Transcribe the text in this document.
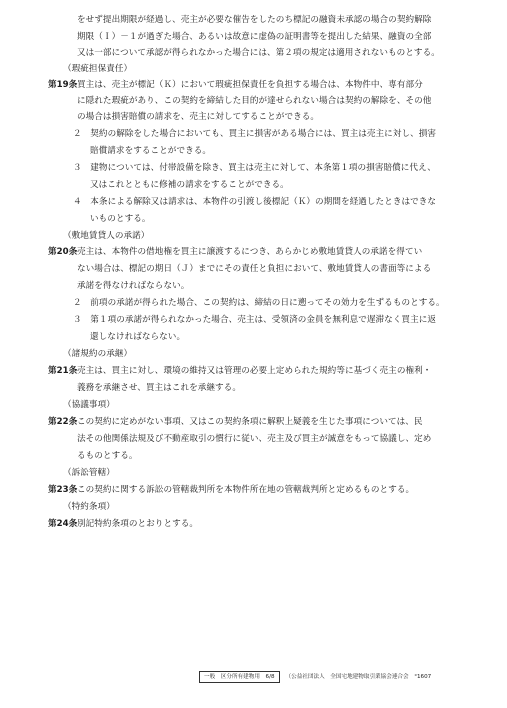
をせず提出期限が経過し、売主が必要な催告をしたのち標記の融資未承認の場合の契約解除
期限（Ｉ）－１が過ぎた場合、あるいは故意に虚偽の証明書等を提出した結果、融資の全部
又は一部について承認が得られなかった場合には、第２項の規定は適用されないものとする。
（瑕疵担保責任）
第19条買主は、売主が標記（Ｋ）において瑕疵担保責任を負担する場合は、本物件中、専有部分
に隠れた瑕疵があり、この契約を締結した目的が達せられない場合は契約の解除を、その他
の場合は損害賠償の請求を、売主に対してすることができる。
２　契約の解除をした場合においても、買主に損害がある場合には、買主は売主に対し、損害
賠償請求をすることができる。
３　建物については、付帯設備を除き、買主は売主に対して、本条第１項の損害賠償に代え、
又はこれとともに修補の請求をすることができる。
４　本条による解除又は請求は、本物件の引渡し後標記（Ｋ）の期間を経過したときはできな
いものとする。
（敷地賃貸人の承諾）
第20条売主は、本物件の借地権を買主に譲渡するにつき、あらかじめ敷地賃貸人の承諾を得てい
ない場合は、標記の期日（Ｊ）までにその責任と負担において、敷地賃貸人の書面等による
承諾を得なければならない。
２　前項の承諾が得られた場合、この契約は、締結の日に遡ってその効力を生ずるものとする。
３　第１項の承諾が得られなかった場合、売主は、受領済の金員を無利息で遅滞なく買主に返
還しなければならない。
（諸規約の承継）
第21条売主は、買主に対し、環境の維持又は管理の必要上定められた規約等に基づく売主の権利・
義務を承継させ、買主はこれを承継する。
（協議事項）
第22条この契約に定めがない事項、又はこの契約条項に解釈上疑義を生じた事項については、民
法その他関係法規及び不動産取引の慣行に従い、売主及び買主が誠意をもって協議し、定め
るものとする。
（訴訟管轄）
第23条この契約に関する訴訟の管轄裁判所を本物件所在地の管轄裁判所と定めるものとする。
（特約条項）
第24条別記特約条項のとおりとする。
一般　区分所有建物用　6/8 （公益社団法人　全国宅地建物取引業協会連合会　°1607
